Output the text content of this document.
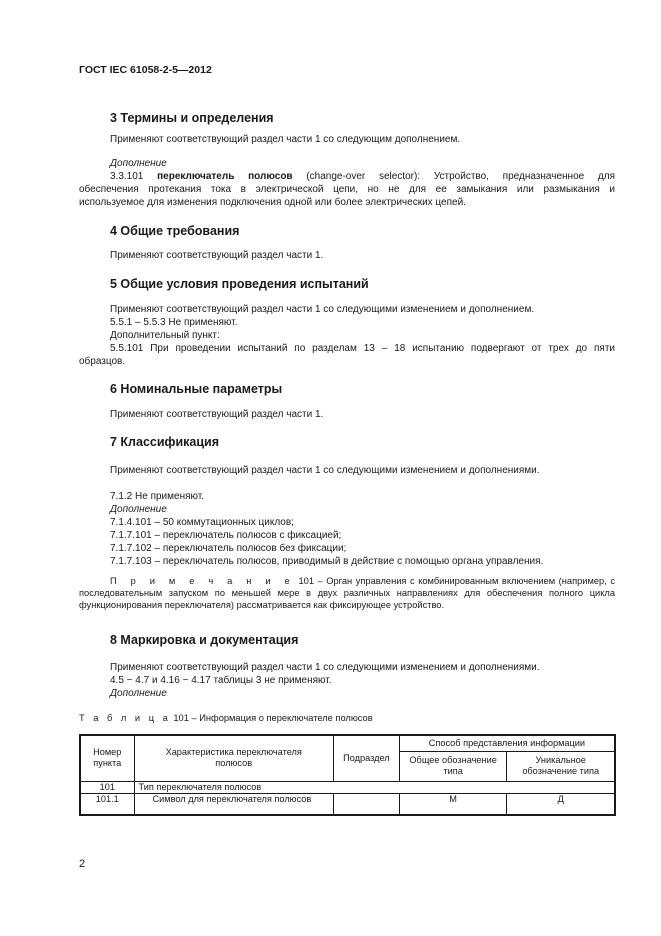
ГОСТ IEC 61058-2-5—2012
3 Термины и определения
Применяют соответствующий раздел части 1 со следующим дополнением.
Дополнение
3.3.101 переключатель полюсов (change-over selector): Устройство, предназначенное для
обеспечения протекания тока в электрической цепи, но не для ее замыкания или размыкания и
используемое для изменения подключения одной или более электрических цепей.
4 Общие требования
Применяют соответствующий раздел части 1.
5 Общие условия проведения испытаний
Применяют соответствующий раздел части 1 со следующими изменением и дополнением.
5.5.1 – 5.5.3 Не применяют.
Дополнительный пункт:
5.5.101 При проведении испытаний по разделам 13 – 18 испытанию подвергают от трех до пяти
образцов.
6 Номинальные параметры
Применяют соответствующий раздел части 1.
7 Классификация
Применяют соответствующий раздел части 1 со следующими изменением и дополнениями.
7.1.2 Не применяют.
Дополнение
7.1.4.101 – 50 коммутационных циклов;
7.1.7.101 – переключатель полюсов с фиксацией;
7.1.7.102 – переключатель полюсов без фиксации;
7.1.7.103 – переключатель полюсов, приводимый в действие с помощью органа управления.
П р и м е ч а н и е 101 – Орган управления с комбинированным включением (например, с
последовательным запуском по меньшей мере в двух различных направлениях для обеспечения полного цикла
функционирования переключателя) рассматривается как фиксирующее устройство.
8 Маркировка и документация
Применяют соответствующий раздел части 1 со следующими изменением и дополнениями.
4.5 − 4.7 и 4.16 − 4.17 таблицы 3 не применяют.
Дополнение
Т а б л и ц а 101 – Информация о переключателе полюсов
Номер пункта	Характеристика переключателя полюсов	Подраздел	Способ представления информации	
			Общее обозначение типа	Уникальное обозначение типа
101	Тип переключателя полюсов			
101.1	Символ для переключателя полюсов		М	Д
2
